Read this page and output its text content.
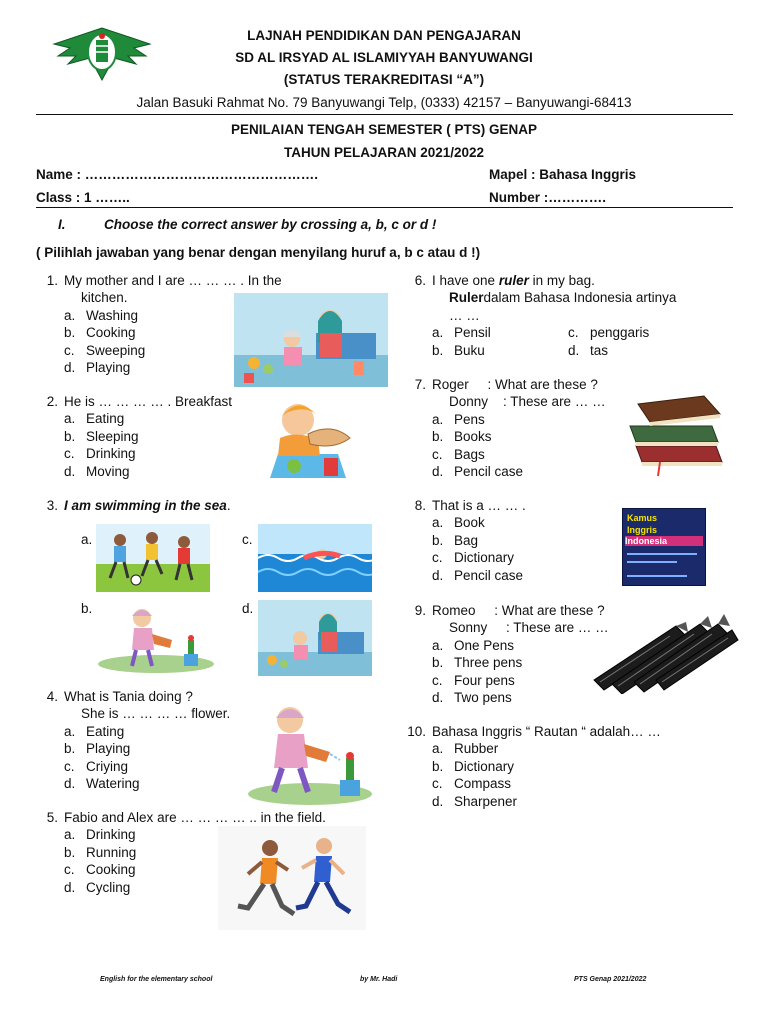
LAJNAH PENDIDIKAN DAN PENGAJARAN
SD AL IRSYAD AL ISLAMIYYAH BANYUWANGI
(STATUS TERAKREDITASI “A”)
Jalan Basuki Rahmat No. 79 Banyuwangi Telp, (0333) 42157 – Banyuwangi-68413
PENILAIAN TENGAH SEMESTER ( PTS) GENAP
TAHUN PELAJARAN 2021/2022
Name : …………………………………………….	Mapel : Bahasa Inggris
Class : 1 ……..	Number :………….
I.	Choose the correct answer by crossing a, b, c or d !
( Pilihlah jawaban yang benar dengan menyilang huruf a, b c atau d !)
1. My mother and I are … … … . In the
kitchen.
a. Washing
b. Cooking
c. Sweeping
d. Playing
2. He is … … … … . Breakfast
a. Eating
b. Sleeping
c. Drinking
d. Moving
3. I am swimming in the sea .
a.	c.
b.	d.
4. What is Tania doing ?
She is … … … … flower.
a. Eating
b. Playing
c. Criying
d. Watering
5. Fabio and Alex are … … … … .. in the field.
a. Drinking
b. Running
c. Cooking
d. Cycling
6. I have one ruler in my bag.
Ruler dalam Bahasa Indonesia artinya
… …
a. Pensil	c. penggaris
b. Buku	d. tas
7. Roger     : What are these ?
Donny    : These are … …
a. Pens
b. Books
c. Bags
d. Pencil case
8. That is a … … .
a. Book
b. Bag
c. Dictionary
d. Pencil case
Kamus
Inggris
Indonesia
9. Romeo     : What are these ?
Sonny     : These are … …
a. One Pens
b. Three pens
c. Four pens
d. Two pens
10. Bahasa Inggris “ Rautan “ adalah… …
a. Rubber
b. Dictionary
c. Compass
d. Sharpener
English for the elementary school	by Mr. Hadi	PTS Genap 2021/2022
